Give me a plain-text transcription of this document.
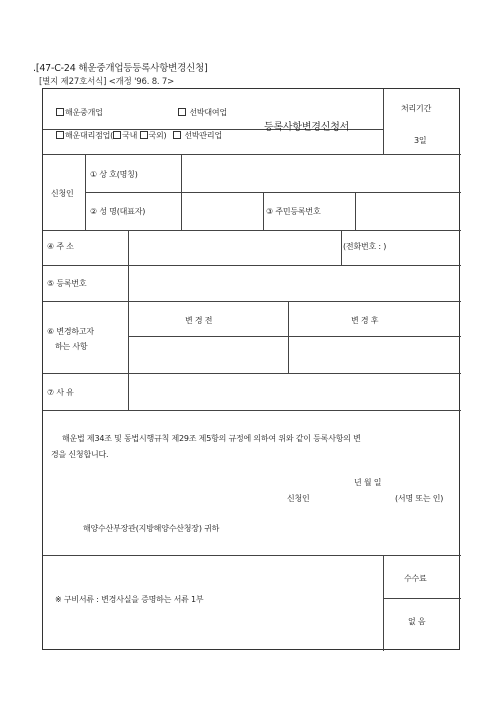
.[47-C-24 해운중개업등등록사항변경신청]
[별지 제27호서식] <개정 '96. 8. 7>
해운중개업	선박대여업
해운대리점업( 국내 국외)	선박관리업
등록사항변경신청서
처리기간
3일
신청인
① 상 호(명칭)
② 성 명(대표자)	③ 주민등록번호
④ 주 소	(전화번호 : )
⑤ 등록번호
⑥ 변경하고자
하는 사항
변 경 전	변 경 후
⑦ 사 유
해운법 제34조 및 동법시행규칙 제29조 제5항의 규정에 의하여 위와 같이 등록사항의 변
경을 신청합니다.
년 월 일
신청인	(서명 또는 인)
해양수산부장관(지방해양수산청장) 귀하
※ 구비서류 : 변경사실을 증명하는 서류 1부
수수료
없 음
